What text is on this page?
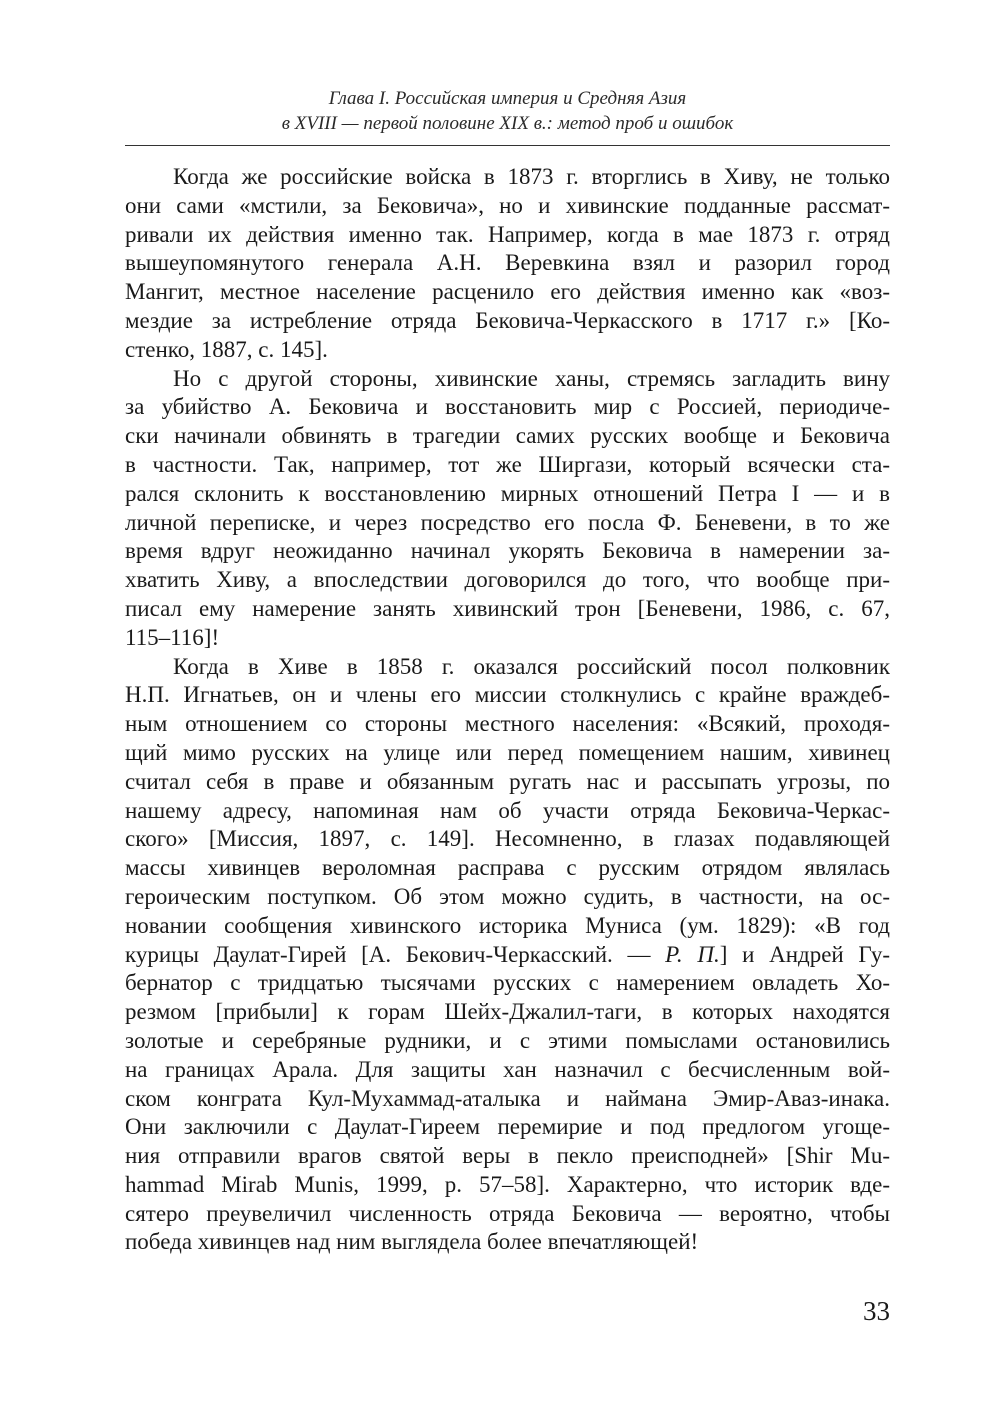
Глава I. Российская империя и Средняя Азия
в XVIII — первой половине XIX в.: метод проб и ошибок
Когда же российские войска в 1873 г. вторглись в Хиву, не только
они сами «мстили, за Бековича», но и хивинские подданные рассмат-
ривали их действия именно так. Например, когда в мае 1873 г. отряд
вышеупомянутого генерала А.Н. Веревкина взял и разорил город
Мангит, местное население расценило его действия именно как «воз-
мездие за истребление отряда Бековича-Черкасского в 1717 г.» [Ко-
стенко, 1887, с. 145].
Но с другой стороны, хивинские ханы, стремясь загладить вину
за убийство А. Бековича и восстановить мир с Россией, периодиче-
ски начинали обвинять в трагедии самих русских вообще и Бековича
в частности. Так, например, тот же Ширгази, который всячески ста-
рался склонить к восстановлению мирных отношений Петра I — и в
личной переписке, и через посредство его посла Ф. Беневени, в то же
время вдруг неожиданно начинал укорять Бековича в намерении за-
хватить Хиву, а впоследствии договорился до того, что вообще при-
писал ему намерение занять хивинский трон [Беневени, 1986, с. 67,
115–116]!
Когда в Хиве в 1858 г. оказался российский посол полковник
Н.П. Игнатьев, он и члены его миссии столкнулись с крайне враждеб-
ным отношением со стороны местного населения: «Всякий, проходя-
щий мимо русских на улице или перед помещением нашим, хивинец
считал себя в праве и обязанным ругать нас и рассыпать угрозы, по
нашему адресу, напоминая нам об участи отряда Бековича-Черкас-
ского» [Миссия, 1897, с. 149]. Несомненно, в глазах подавляющей
массы хивинцев вероломная расправа с русским отрядом являлась
героическим поступком. Об этом можно судить, в частности, на ос-
новании сообщения хивинского историка Муниса (ум. 1829): «В год
курицы Даулат-Гирей [А. Бекович-Черкасский. — Р. П.] и Андрей Гу-
бернатор с тридцатью тысячами русских с намерением овладеть Хо-
резмом [прибыли] к горам Шейх-Джалил-таги, в которых находятся
золотые и серебряные рудники, и с этими помыслами остановились
на границах Арала. Для защиты хан назначил с бесчисленным вой-
ском конграта Кул-Мухаммад-аталыка и наймана Эмир-Аваз-инака.
Они заключили с Даулат-Гиреем перемирие и под предлогом угоще-
ния отправили врагов святой веры в пекло преисподней» [Shir Mu-
hammad Mirab Munis, 1999, p. 57–58]. Характерно, что историк вде-
сятеро преувеличил численность отряда Бековича — вероятно, чтобы
победа хивинцев над ним выглядела более впечатляющей!
33
